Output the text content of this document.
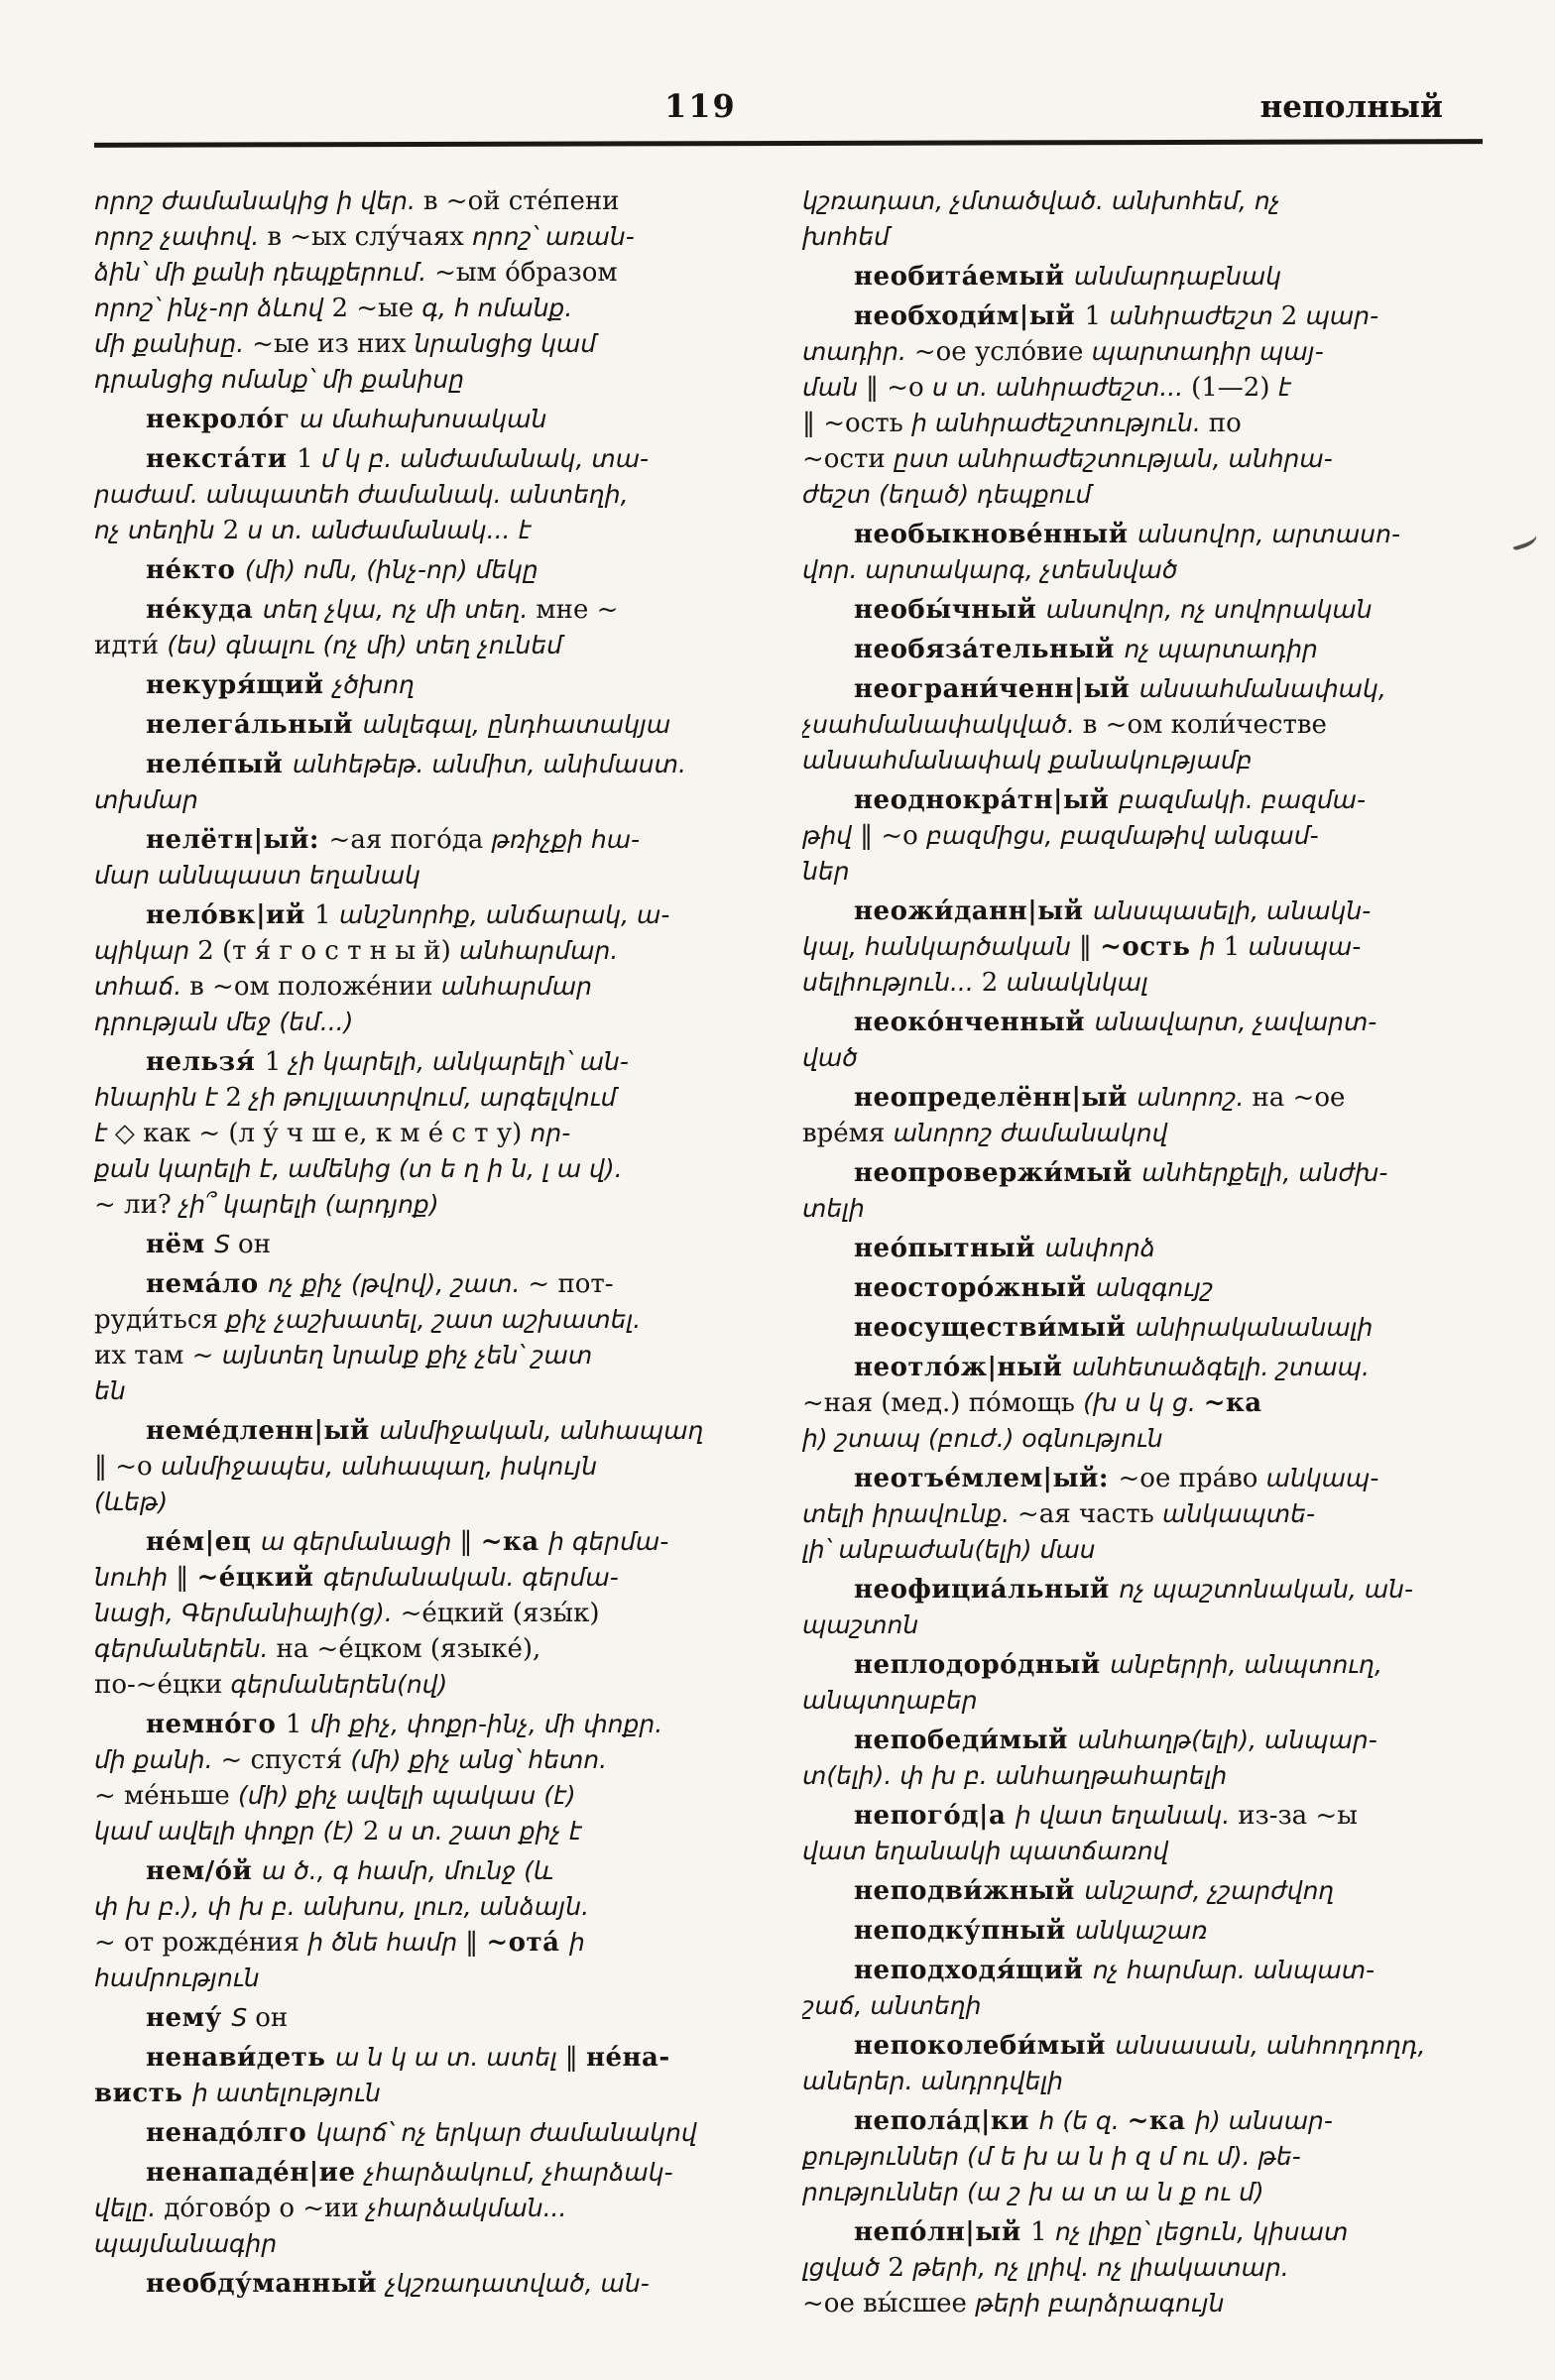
119	неполный
որոշ ժամանակից ի վեր. в ~ой сте́пени
որոշ չափով. в ~ых слу́чаях որոշ՝ առան-
ձին՝ մի քանի դեպքերում. ~ым о́бразом
որոշ՝ ինչ-որ ձևով 2 ~ые գ, հ ոմանք.
մի քանիսը. ~ые из них նրանցից կամ
դրանցից ոմանք՝ մի քանիսը
некроло́г ա մահախոսական
некста́ти 1 մ կ բ. անժամանակ, տա-
րաժամ. անպատեհ ժամանակ. անտեղի,
ոչ տեղին 2 ս տ. անժամանակ... է
не́кто (մի) ոմն, (ինչ-որ) մեկը
не́куда տեղ չկա, ոչ մի տեղ. мне ~
идти́ (ես) գնալու (ոչ մի) տեղ չունեմ
некуря́щий չծխող
нелега́льный անլեգալ, ընդհատակյա
неле́пый անհեթեթ. անմիտ, անիմաստ.
տխմար
нелётн|ый: ~ая пого́да թռիչքի հա-
մար աննպաստ եղանակ
нело́вк|ий 1 անշնորհք, անճարակ, ա-
պիկար 2 (т я́ г о с т н ы й) անհարմար.
տհաճ. в ~ом положе́нии անհարմար
դրության մեջ (եմ...)
нельзя́ 1 չի կարելի, անկարելի՝ ան-
հնարին է 2 չի թույլատրվում, արգելվում
է ◇ как ~ (л у́ ч ш е, к м е́ с т у) որ-
քան կարելի է, ամենից (տ ե ղ ի ն, լ ա վ).
~ ли? չի՞ կարելի (արդյոք)
нём S он
нема́ло ոչ քիչ (թվով), շատ. ~ пот-
руди́ться քիչ չաշխատել, շատ աշխատել.
их там ~ այնտեղ նրանք քիչ չեն՝ շատ
են
неме́дленн|ый անմիջական, անհապաղ
‖ ~о անմիջապես, անհապաղ, իսկույն
(ևեթ)
не́м|ец ա գերմանացի ‖ ~ка ի գերմա-
նուհի ‖ ~е́цкий գերմանական. գերմա-
նացի, Գերմանիայի(ց). ~е́цкий (язы́к)
գերմաներեն. на ~е́цком (языке́),
по-~е́цки գերմաներեն(ով)
немно́го 1 մի քիչ, փոքր-ինչ, մի փոքր.
մի քանի. ~ спустя́ (մի) քիչ անց՝ հետո.
~ ме́ньше (մի) քիչ ավելի պակաս (է)
կամ ավելի փոքր (է) 2 ս տ. շատ քիչ է
нем/о́й ա ծ., գ համր, մունջ (և
փ խ բ.), փ խ բ. անխոս, լուռ, անձայն.
~ от рожде́ния ի ծնե համր ‖ ~ота́ ի
համրություն
нему́ S он
ненави́деть ա ն կ ա տ. ատել ‖ не́на-
висть ի ատելություն
ненадо́лго կարճ՝ ոչ երկար ժամանակով
ненападе́н|ие չհարձակում, չհարձակ-
վելը. до́гово́р о ~ии չհարձակման...
պայմանագիր
необду́манный չկշռադատված, ան-
կշռադատ, չմտածված. անխոհեմ, ոչ
խոհեմ
необита́емый անմարդաբնակ
необходи́м|ый 1 անհրաժեշտ 2 պար-
տադիր. ~ое усло́вие պարտադիր պայ-
ման ‖ ~о ս տ. անհրաժեշտ... (1—2) է
‖ ~ость ի անհրաժեշտություն. по
~ости ըստ անհրաժեշտության, անհրա-
ժեշտ (եղած) դեպքում
необыкнове́нный անսովոր, արտասո-
վոր. արտակարգ, չտեսնված
необы́чный անսովոր, ոչ սովորական
необяза́тельный ոչ պարտադիր
неограни́ченн|ый անսահմանափակ,
չսահմանափակված. в ~ом коли́честве
անսահմանափակ քանակությամբ
неоднокра́тн|ый բազմակի. բազմա-
թիվ ‖ ~о բազմիցս, բազմաթիվ անգամ-
ներ
неожи́данн|ый անսպասելի, անակն-
կալ, հանկարծական ‖ ~ость ի 1 անսպա-
սելիություն... 2 անակնկալ
неоко́нченный անավարտ, չավարտ-
ված
неопределённ|ый անորոշ. на ~ое
вре́мя անորոշ ժամանակով
неопровержи́мый անհերքելի, անժխ-
տելի
нео́пытный անփորձ
неосторо́жный անզգույշ
неосуществи́мый անիրականանալի
неотло́ж|ный անհետաձգելի. շտապ.
~ная (мед.) по́мощь (խ ս կ ց. ~ка
ի) շտապ (բուժ.) օգնություն
неотъе́млем|ый: ~ое пра́во անկապ-
տելի իրավունք. ~ая часть անկապտե-
լի՝ անբաժան(ելի) մաս
неофициа́льный ոչ պաշտոնական, ան-
պաշտոն
неплодоро́дный անբերրի, անպտուղ,
անպտղաբեր
непобеди́мый անհաղթ(ելի), անպար-
տ(ելի). փ խ բ. անհաղթահարելի
непого́д|а ի վատ եղանակ. из-за ~ы
վատ եղանակի պատճառով
неподви́жный անշարժ, չշարժվող
неподку́пный անկաշառ
неподходя́щий ոչ հարմար. անպատ-
շաճ, անտեղի
непоколеби́мый անսասան, անհողդողդ,
աներեր. անդրդվելի
непола́д|ки հ (ե զ. ~ка ի) անսար-
քություններ (մ ե խ ա ն ի զ մ ու մ). թե-
րություններ (ա շ խ ա տ ա ն ք ու մ)
непо́лн|ый 1 ոչ լիքը՝ լեցուն, կիսատ
լցված 2 թերի, ոչ լրիվ. ոչ լիակատար.
~ое вы́сшее թերի բարձրագույն
